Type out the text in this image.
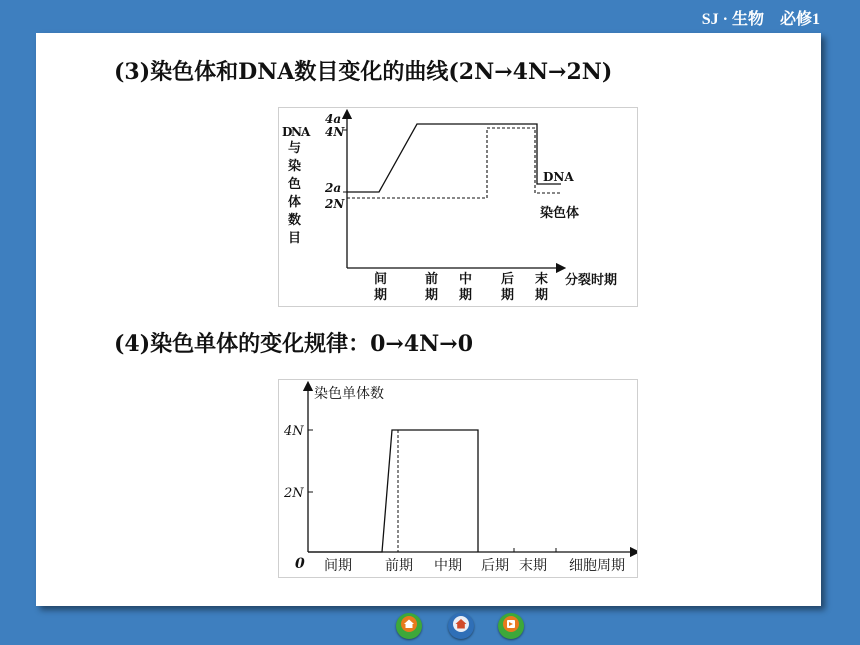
SJ · 生物　必修1
(3)染色体和DNA数目变化的曲线(2N→4N→2N)
D
N A
与
染
色
体
数
目
4a
4N
2a
2N
DNA
染色体
间
期
前
期
中
期
后
期
末
期
分裂时期
(4)染色单体的变化规律：0→4N→0
染色单体数
4N
2N
0 间期 前期 中期 后期 末期 细胞周期
